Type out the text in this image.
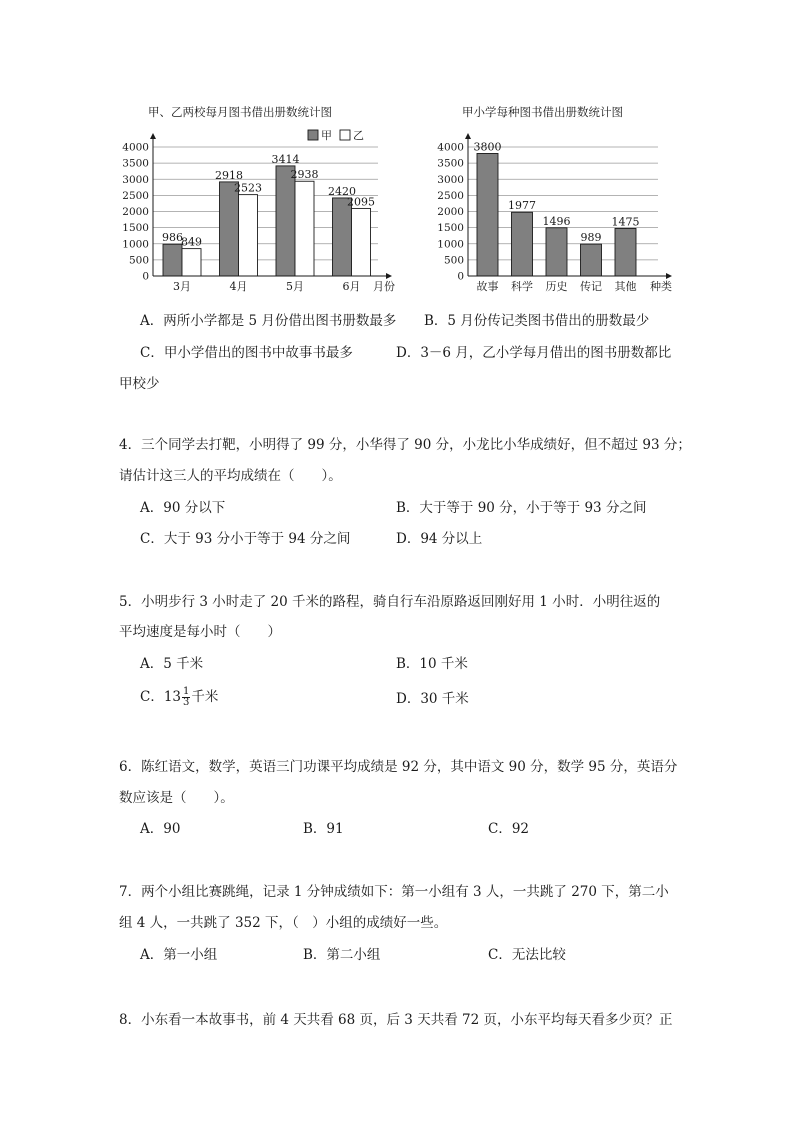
甲、乙两校每月图书借出册数统计图	甲小学每种图书借出册数统计图
986
849
2918
2523
3414
2938
2420
2095
0
500
1000
1500
2000
2500
3000
3500
4000
月份
3月	4月	5月	6月
甲 乙
3800
1977
1496
989
1475
0
500
1000
1500
2000
2500
3000
3500
4000
种类
故事 科学 历史 传记 其他
A．两所小学都是 5 月份借出图书册数最多 B．5 月份传记类图书借出的册数最少
C．甲小学借出的图书中故事书最多	D．3－6 月，乙小学每月借出的图书册数都比
甲校少
4．三个同学去打靶，小明得了 99 分，小华得了 90 分，小龙比小华成绩好，但不超过 93 分；
请估计这三人的平均成绩在（　　）。
A．90 分以下	B．大于等于 90 分，小于等于 93 分之间
C．大于 93 分小于等于 94 分之间	D．94 分以上
5．小明步行 3 小时走了 20 千米的路程，骑自行车沿原路返回刚好用 1 小时．小明往返的
平均速度是每小时（　　）
A．5 千米	B．10 千米
C．$13 \frac{1}{3}$ 千米	D．30 千米
6．陈红语文，数学，英语三门功课平均成绩是 92 分，其中语文 90 分，数学 95 分，英语分
数应该是（　　）。
A．90	B．91	C．92
7．两个小组比赛跳绳，记录 1 分钟成绩如下：第一小组有 3 人，一共跳了 270 下，第二小
组 4 人，一共跳了 352 下，（　）小组的成绩好一些。
A．第一小组	B．第二小组	C．无法比较
8．小东看一本故事书，前 4 天共看 68 页，后 3 天共看 72 页，小东平均每天看多少页？正
